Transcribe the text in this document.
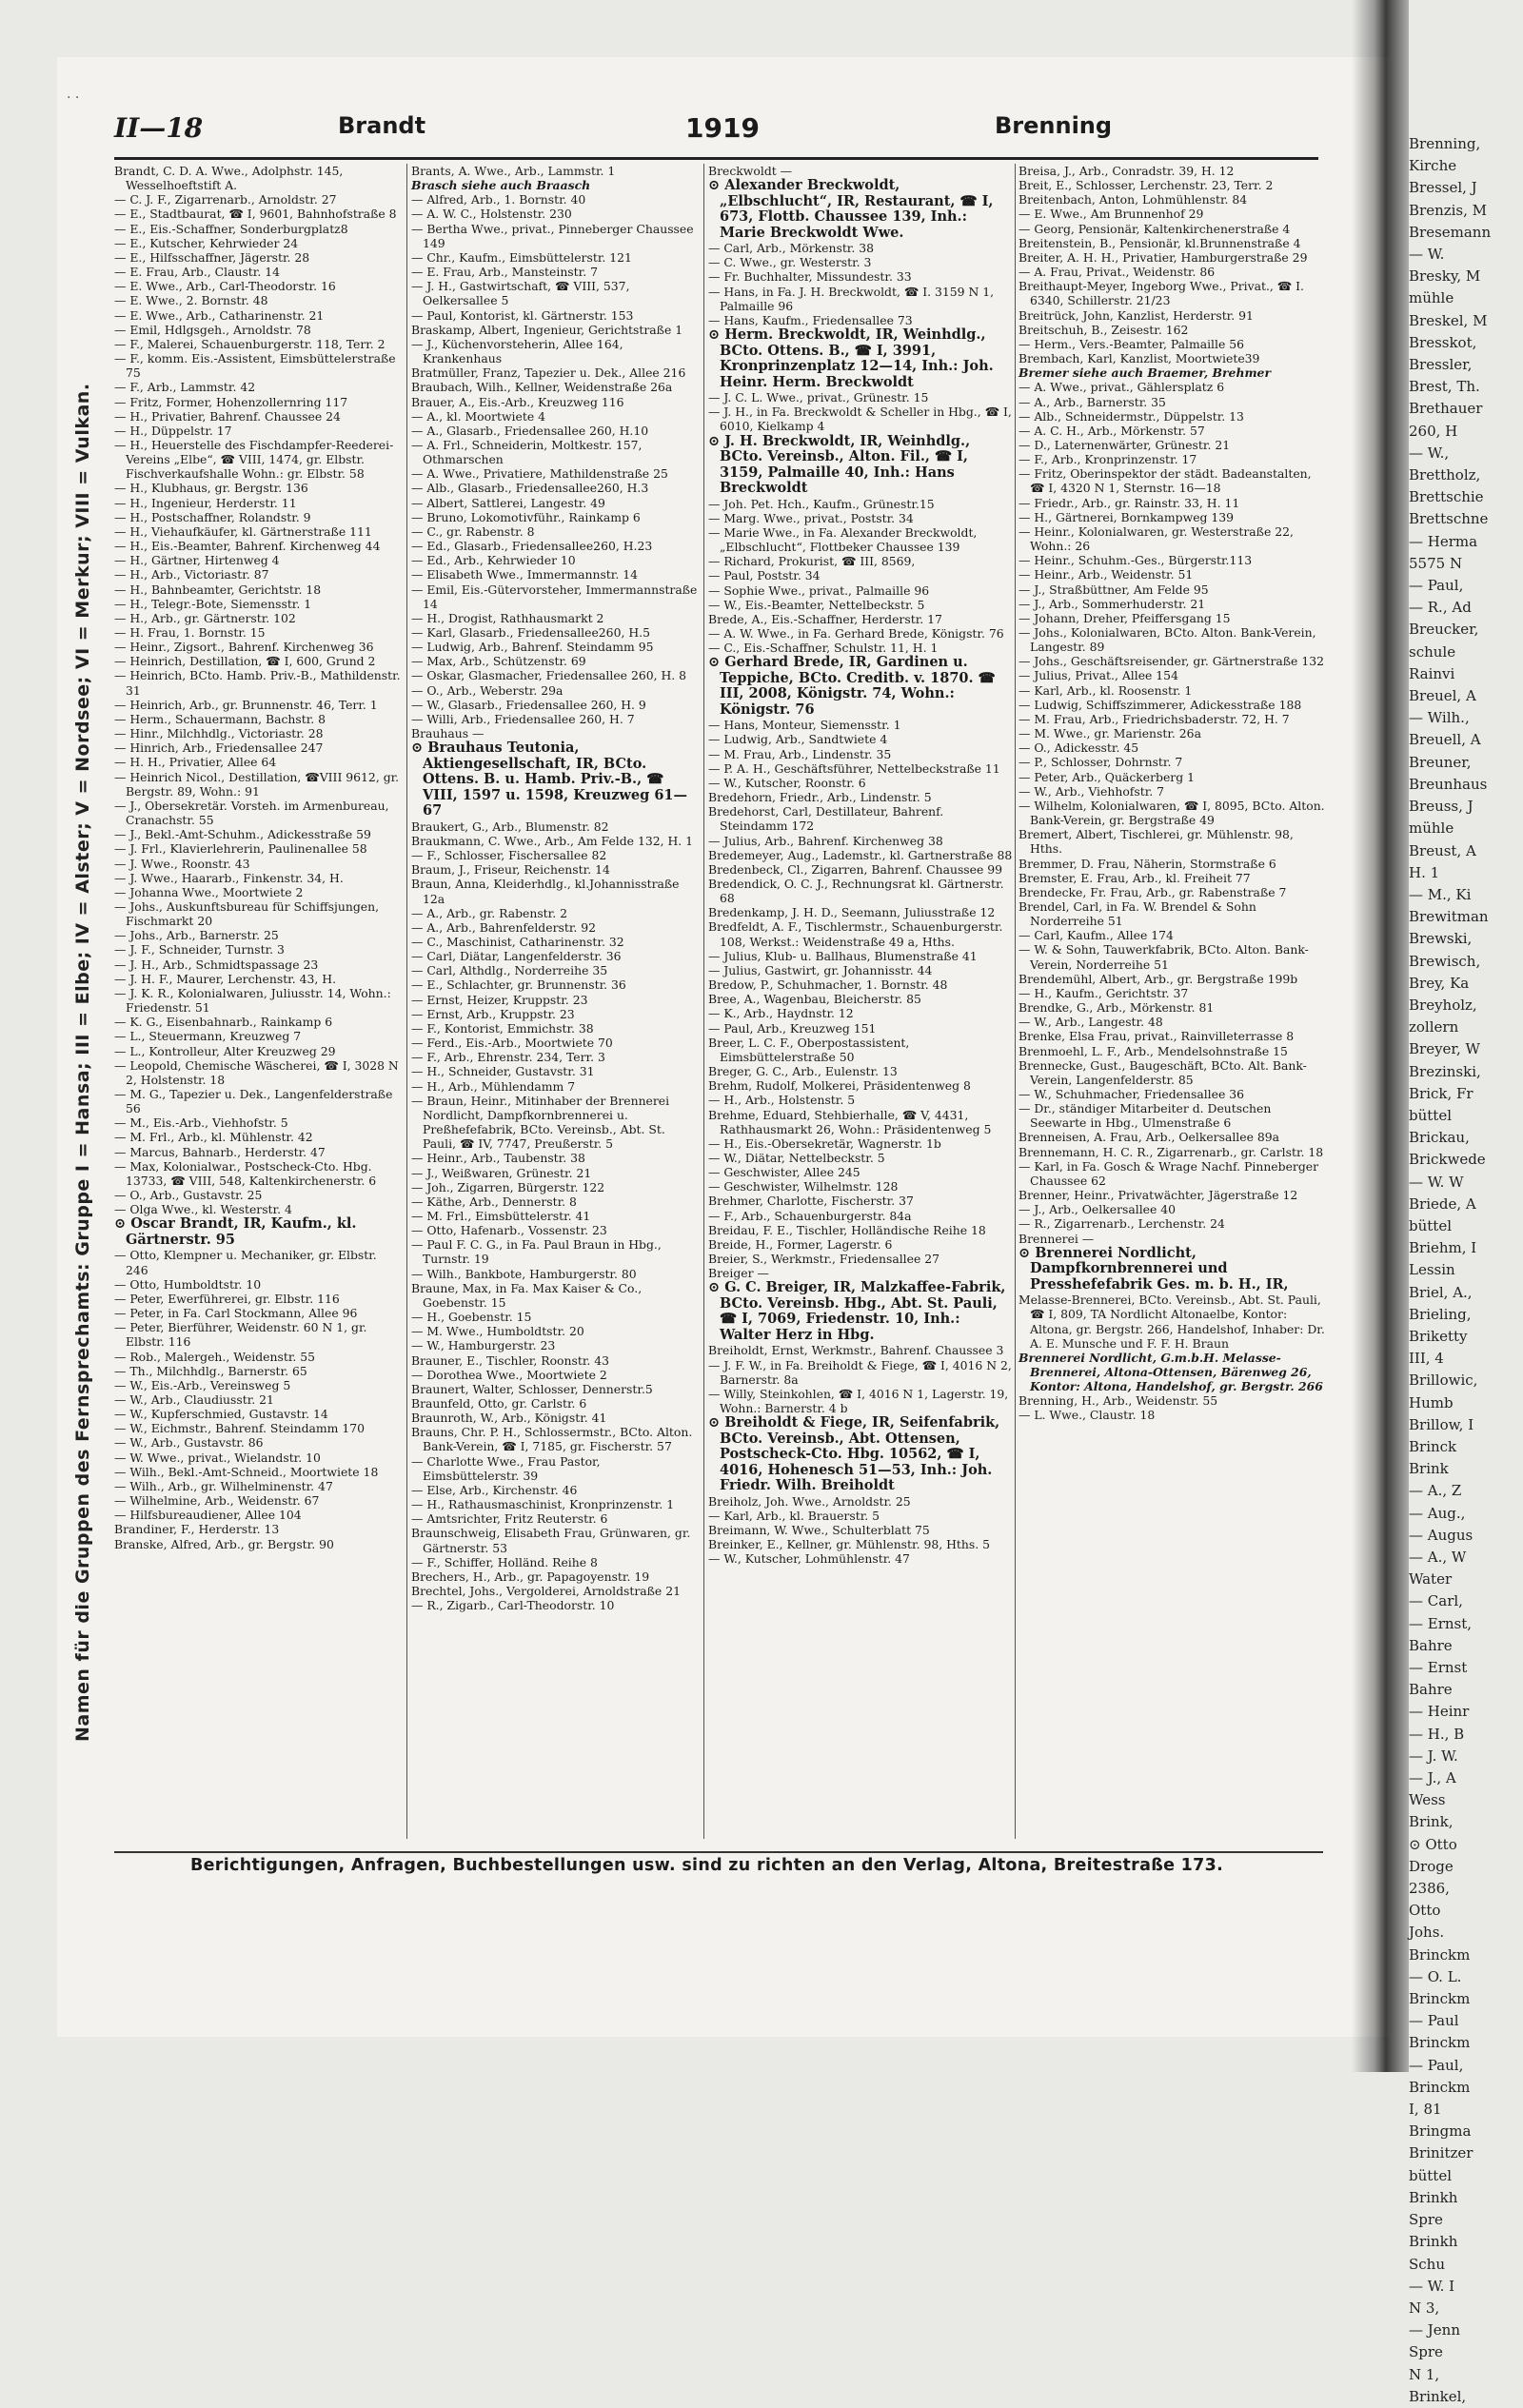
· ·
II—18	Brandt	1919	Brenning
Namen für die Gruppen des Fernsprechamts: Gruppe I = Hansa; III = Elbe; IV = Alster; V = Nordsee; VI = Merkur; VIII = Vulkan.
Brandt, C. D. A. Wwe., Adolphstr. 145, Wesselhoeftstift A.
— C. J. F., Zigarrenarb., Arnoldstr. 27
— E., Stadtbaurat, ☎ I, 9601, Bahnhofstraße 8
— E., Eis.-Schaffner, Sonderburgplatz8
— E., Kutscher, Kehrwieder 24
— E., Hilfsschaffner, Jägerstr. 28
— E. Frau, Arb., Claustr. 14
— E. Wwe., Arb., Carl-Theodorstr. 16
— E. Wwe., 2. Bornstr. 48
— E. Wwe., Arb., Catharinenstr. 21
— Emil, Hdlgsgeh., Arnoldstr. 78
— F., Malerei, Schauenburgerstr. 118, Terr. 2
— F., komm. Eis.-Assistent, Eimsbüttelerstraße 75
— F., Arb., Lammstr. 42
— Fritz, Former, Hohenzollernring 117
— H., Privatier, Bahrenf. Chaussee 24
— H., Düppelstr. 17
— H., Heuerstelle des Fischdampfer-Reederei-Vereins „Elbe“, ☎ VIII, 1474, gr. Elbstr. Fischverkaufshalle Wohn.: gr. Elbstr. 58
— H., Klubhaus, gr. Bergstr. 136
— H., Ingenieur, Herderstr. 11
— H., Postschaffner, Rolandstr. 9
— H., Viehaufkäufer, kl. Gärtnerstraße 111
— H., Eis.-Beamter, Bahrenf. Kirchenweg 44
— H., Gärtner, Hirtenweg 4
— H., Arb., Victoriastr. 87
— H., Bahnbeamter, Gerichtstr. 18
— H., Telegr.-Bote, Siemensstr. 1
— H., Arb., gr. Gärtnerstr. 102
— H. Frau, 1. Bornstr. 15
— Heinr., Zigsort., Bahrenf. Kirchenweg 36
— Heinrich, Destillation, ☎ I, 600, Grund 2
— Heinrich, BCto. Hamb. Priv.-B., Mathildenstr. 31
— Heinrich, Arb., gr. Brunnenstr. 46, Terr. 1
— Herm., Schauermann, Bachstr. 8
— Hinr., Milchhdlg., Victoriastr. 28
— Hinrich, Arb., Friedensallee 247
— H. H., Privatier, Allee 64
— Heinrich Nicol., Destillation, ☎VIII 9612, gr. Bergstr. 89, Wohn.: 91
— J., Obersekretär. Vorsteh. im Armenbureau, Cranachstr. 55
— J., Bekl.-Amt-Schuhm., Adickesstraße 59
— J. Frl., Klavierlehrerin, Paulinenallee 58
— J. Wwe., Roonstr. 43
— J. Wwe., Haararb., Finkenstr. 34, H.
— Johanna Wwe., Moortwiete 2
— Johs., Auskunftsbureau für Schiffsjungen, Fischmarkt 20
— Johs., Arb., Barnerstr. 25
— J. F., Schneider, Turnstr. 3
— J. H., Arb., Schmidtspassage 23
— J. H. F., Maurer, Lerchenstr. 43, H.
— J. K. R., Kolonialwaren, Juliusstr. 14, Wohn.: Friedenstr. 51
— K. G., Eisenbahnarb., Rainkamp 6
— L., Steuermann, Kreuzweg 7
— L., Kontrolleur, Alter Kreuzweg 29
— Leopold, Chemische Wäscherei, ☎ I, 3028 N 2, Holstenstr. 18
— M. G., Tapezier u. Dek., Langenfelderstraße 56
— M., Eis.-Arb., Viehhofstr. 5
— M. Frl., Arb., kl. Mühlenstr. 42
— Marcus, Bahnarb., Herderstr. 47
— Max, Kolonialwar., Postscheck-Cto. Hbg. 13733, ☎ VIII, 548, Kaltenkirchenerstr. 6
— O., Arb., Gustavstr. 25
— Olga Wwe., kl. Westerstr. 4
⊙ Oscar Brandt, IR, Kaufm., kl. Gärtnerstr. 95
— Otto, Klempner u. Mechaniker, gr. Elbstr. 246
— Otto, Humboldtstr. 10
— Peter, Ewerführerei, gr. Elbstr. 116
— Peter, in Fa. Carl Stockmann, Allee 96
— Peter, Bierführer, Weidenstr. 60 N 1, gr. Elbstr. 116
— Rob., Malergeh., Weidenstr. 55
— Th., Milchhdlg., Barnerstr. 65
— W., Eis.-Arb., Vereinsweg 5
— W., Arb., Claudiusstr. 21
— W., Kupferschmied, Gustavstr. 14
— W., Eichmstr., Bahrenf. Steindamm 170
— W., Arb., Gustavstr. 86
— W. Wwe., privat., Wielandstr. 10
— Wilh., Bekl.-Amt-Schneid., Moortwiete 18
— Wilh., Arb., gr. Wilhelminenstr. 47
— Wilhelmine, Arb., Weidenstr. 67
— Hilfsbureaudiener, Allee 104
Brandiner, F., Herderstr. 13
Branske, Alfred, Arb., gr. Bergstr. 90
Brants, A. Wwe., Arb., Lammstr. 1
Brasch siehe auch Braasch
— Alfred, Arb., 1. Bornstr. 40
— A. W. C., Holstenstr. 230
— Bertha Wwe., privat., Pinneberger Chaussee 149
— Chr., Kaufm., Eimsbüttelerstr. 121
— E. Frau, Arb., Mansteinstr. 7
— J. H., Gastwirtschaft, ☎ VIII, 537, Oelkersallee 5
— Paul, Kontorist, kl. Gärtnerstr. 153
Braskamp, Albert, Ingenieur, Gerichtstraße 1
— J., Küchenvorsteherin, Allee 164, Krankenhaus
Bratmüller, Franz, Tapezier u. Dek., Allee 216
Braubach, Wilh., Kellner, Weidenstraße 26a
Brauer, A., Eis.-Arb., Kreuzweg 116
— A., kl. Moortwiete 4
— A., Glasarb., Friedensallee 260, H.10
— A. Frl., Schneiderin, Moltkestr. 157, Othmarschen
— A. Wwe., Privatiere, Mathildenstraße 25
— Alb., Glasarb., Friedensallee260, H.3
— Albert, Sattlerei, Langestr. 49
— Bruno, Lokomotivführ., Rainkamp 6
— C., gr. Rabenstr. 8
— Ed., Glasarb., Friedensallee260, H.23
— Ed., Arb., Kehrwieder 10
— Elisabeth Wwe., Immermannstr. 14
— Emil, Eis.-Gütervorsteher, Immermannstraße 14
— H., Drogist, Rathhausmarkt 2
— Karl, Glasarb., Friedensallee260, H.5
— Ludwig, Arb., Bahrenf. Steindamm 95
— Max, Arb., Schützenstr. 69
— Oskar, Glasmacher, Friedensallee 260, H. 8
— O., Arb., Weberstr. 29a
— W., Glasarb., Friedensallee 260, H. 9
— Willi, Arb., Friedensallee 260, H. 7
Brauhaus —
⊙ Brauhaus Teutonia, Aktiengesellschaft, IR, BCto. Ottens. B. u. Hamb. Priv.-B., ☎ VIII, 1597 u. 1598, Kreuzweg 61—67
Braukert, G., Arb., Blumenstr. 82
Braukmann, C. Wwe., Arb., Am Felde 132, H. 1
— F., Schlosser, Fischersallee 82
Braum, J., Friseur, Reichenstr. 14
Braun, Anna, Kleiderhdlg., kl.Johannisstraße 12a
— A., Arb., gr. Rabenstr. 2
— A., Arb., Bahrenfelderstr. 92
— C., Maschinist, Catharinenstr. 32
— Carl, Diätar, Langenfelderstr. 36
— Carl, Althdlg., Norderreihe 35
— E., Schlachter, gr. Brunnenstr. 36
— Ernst, Heizer, Kruppstr. 23
— Ernst, Arb., Kruppstr. 23
— F., Kontorist, Emmichstr. 38
— Ferd., Eis.-Arb., Moortwiete 70
— F., Arb., Ehrenstr. 234, Terr. 3
— H., Schneider, Gustavstr. 31
— H., Arb., Mühlendamm 7
— Braun, Heinr., Mitinhaber der Brennerei Nordlicht, Dampfkornbrennerei u. Preßhefefabrik, BCto. Vereinsb., Abt. St. Pauli, ☎ IV, 7747, Preußerstr. 5
— Heinr., Arb., Taubenstr. 38
— J., Weißwaren, Grünestr. 21
— Joh., Zigarren, Bürgerstr. 122
— Käthe, Arb., Dennerstr. 8
— M. Frl., Eimsbüttelerstr. 41
— Otto, Hafenarb., Vossenstr. 23
— Paul F. C. G., in Fa. Paul Braun in Hbg., Turnstr. 19
— Wilh., Bankbote, Hamburgerstr. 80
Braune, Max, in Fa. Max Kaiser & Co., Goebenstr. 15
— H., Goebenstr. 15
— M. Wwe., Humboldtstr. 20
— W., Hamburgerstr. 23
Brauner, E., Tischler, Roonstr. 43
— Dorothea Wwe., Moortwiete 2
Braunert, Walter, Schlosser, Dennerstr.5
Braunfeld, Otto, gr. Carlstr. 6
Braunroth, W., Arb., Königstr. 41
Brauns, Chr. P. H., Schlossermstr., BCto. Alton. Bank-Verein, ☎ I, 7185, gr. Fischerstr. 57
— Charlotte Wwe., Frau Pastor, Eimsbüttelerstr. 39
— Else, Arb., Kirchenstr. 46
— H., Rathausmaschinist, Kronprinzenstr. 1
— Amtsrichter, Fritz Reuterstr. 6
Braunschweig, Elisabeth Frau, Grünwaren, gr. Gärtnerstr. 53
— F., Schiffer, Holländ. Reihe 8
Brechers, H., Arb., gr. Papagoyenstr. 19
Brechtel, Johs., Vergolderei, Arnoldstraße 21
— R., Zigarb., Carl-Theodorstr. 10
Breckwoldt —
⊙ Alexander Breckwoldt, „Elbschlucht“, IR, Restaurant, ☎ I, 673, Flottb. Chaussee 139, Inh.: Marie Breckwoldt Wwe.
— Carl, Arb., Mörkenstr. 38
— C. Wwe., gr. Westerstr. 3
— Fr. Buchhalter, Missundestr. 33
— Hans, in Fa. J. H. Breckwoldt, ☎ I. 3159 N 1, Palmaille 96
— Hans, Kaufm., Friedensallee 73
⊙ Herm. Breckwoldt, IR, Weinhdlg., BCto. Ottens. B., ☎ I, 3991, Kronprinzenplatz 12—14, Inh.: Joh. Heinr. Herm. Breckwoldt
— J. C. L. Wwe., privat., Grünestr. 15
— J. H., in Fa. Breckwoldt & Scheller in Hbg., ☎ I, 6010, Kielkamp 4
⊙ J. H. Breckwoldt, IR, Weinhdlg., BCto. Vereinsb., Alton. Fil., ☎ I, 3159, Palmaille 40, Inh.: Hans Breckwoldt
— Joh. Pet. Hch., Kaufm., Grünestr.15
— Marg. Wwe., privat., Poststr. 34
— Marie Wwe., in Fa. Alexander Breckwoldt, „Elbschlucht“, Flottbeker Chaussee 139
— Richard, Prokurist, ☎ III, 8569,
— Paul, Poststr. 34
— Sophie Wwe., privat., Palmaille 96
— W., Eis.-Beamter, Nettelbeckstr. 5
Brede, A., Eis.-Schaffner, Herderstr. 17
— A. W. Wwe., in Fa. Gerhard Brede, Königstr. 76
— C., Eis.-Schaffner, Schulstr. 11, H. 1
⊙ Gerhard Brede, IR, Gardinen u. Teppiche, BCto. Creditb. v. 1870. ☎ III, 2008, Königstr. 74, Wohn.: Königstr. 76
— Hans, Monteur, Siemensstr. 1
— Ludwig, Arb., Sandtwiete 4
— M. Frau, Arb., Lindenstr. 35
— P. A. H., Geschäftsführer, Nettelbeckstraße 11
— W., Kutscher, Roonstr. 6
Bredehorn, Friedr., Arb., Lindenstr. 5
Bredehorst, Carl, Destillateur, Bahrenf. Steindamm 172
— Julius, Arb., Bahrenf. Kirchenweg 38
Bredemeyer, Aug., Lademstr., kl. Gartnerstraße 88
Bredenbeck, Cl., Zigarren, Bahrenf. Chaussee 99
Bredendick, O. C. J., Rechnungsrat kl. Gärtnerstr. 68
Bredenkamp, J. H. D., Seemann, Juliusstraße 12
Bredfeldt, A. F., Tischlermstr., Schauenburgerstr. 108, Werkst.: Weidenstraße 49 a, Hths.
— Julius, Klub- u. Ballhaus, Blumenstraße 41
— Julius, Gastwirt, gr. Johannisstr. 44
Bredow, P., Schuhmacher, 1. Bornstr. 48
Bree, A., Wagenbau, Bleicherstr. 85
— K., Arb., Haydnstr. 12
— Paul, Arb., Kreuzweg 151
Breer, L. C. F., Oberpostassistent, Eimsbüttelerstraße 50
Breger, G. C., Arb., Eulenstr. 13
Brehm, Rudolf, Molkerei, Präsidentenweg 8
— H., Arb., Holstenstr. 5
Brehme, Eduard, Stehbierhalle, ☎ V, 4431, Rathhausmarkt 26, Wohn.: Präsidentenweg 5
— H., Eis.-Obersekretär, Wagnerstr. 1b
— W., Diätar, Nettelbeckstr. 5
— Geschwister, Allee 245
— Geschwister, Wilhelmstr. 128
Brehmer, Charlotte, Fischerstr. 37
— F., Arb., Schauenburgerstr. 84a
Breidau, F. E., Tischler, Holländische Reihe 18
Breide, H., Former, Lagerstr. 6
Breier, S., Werkmstr., Friedensallee 27
Breiger —
⊙ G. C. Breiger, IR, Malzkaffee-Fabrik, BCto. Vereinsb. Hbg., Abt. St. Pauli, ☎ I, 7069, Friedenstr. 10, Inh.: Walter Herz in Hbg.
Breiholdt, Ernst, Werkmstr., Bahrenf. Chaussee 3
— J. F. W., in Fa. Breiholdt & Fiege, ☎ I, 4016 N 2, Barnerstr. 8a
— Willy, Steinkohlen, ☎ I, 4016 N 1, Lagerstr. 19, Wohn.: Barnerstr. 4 b
⊙ Breiholdt & Fiege, IR, Seifenfabrik, BCto. Vereinsb., Abt. Ottensen, Postscheck-Cto. Hbg. 10562, ☎ I, 4016, Hohenesch 51—53, Inh.: Joh. Friedr. Wilh. Breiholdt
Breiholz, Joh. Wwe., Arnoldstr. 25
— Karl, Arb., kl. Brauerstr. 5
Breimann, W. Wwe., Schulterblatt 75
Breinker, E., Kellner, gr. Mühlenstr. 98, Hths. 5
— W., Kutscher, Lohmühlenstr. 47
Breisa, J., Arb., Conradstr. 39, H. 12
Breit, E., Schlosser, Lerchenstr. 23, Terr. 2
Breitenbach, Anton, Lohmühlenstr. 84
— E. Wwe., Am Brunnenhof 29
— Georg, Pensionär, Kaltenkirchenerstraße 4
Breitenstein, B., Pensionär, kl.Brunnenstraße 4
Breiter, A. H. H., Privatier, Hamburgerstraße 29
— A. Frau, Privat., Weidenstr. 86
Breithaupt-Meyer, Ingeborg Wwe., Privat., ☎ I. 6340, Schillerstr. 21/23
Breitrück, John, Kanzlist, Herderstr. 91
Breitschuh, B., Zeisestr. 162
— Herm., Vers.-Beamter, Palmaille 56
Brembach, Karl, Kanzlist, Moortwiete39
Bremer siehe auch Braemer, Brehmer
— A. Wwe., privat., Gählersplatz 6
— A., Arb., Barnerstr. 35
— Alb., Schneidermstr., Düppelstr. 13
— A. C. H., Arb., Mörkenstr. 57
— D., Laternenwärter, Grünestr. 21
— F., Arb., Kronprinzenstr. 17
— Fritz, Oberinspektor der städt. Badeanstalten, ☎ I, 4320 N 1, Sternstr. 16—18
— Friedr., Arb., gr. Rainstr. 33, H. 11
— H., Gärtnerei, Bornkampweg 139
— Heinr., Kolonialwaren, gr. Westerstraße 22, Wohn.: 26
— Heinr., Schuhm.-Ges., Bürgerstr.113
— Heinr., Arb., Weidenstr. 51
— J., Straßbüttner, Am Felde 95
— J., Arb., Sommerhuderstr. 21
— Johann, Dreher, Pfeiffersgang 15
— Johs., Kolonialwaren, BCto. Alton. Bank-Verein, Langestr. 89
— Johs., Geschäftsreisender, gr. Gärtnerstraße 132
— Julius, Privat., Allee 154
— Karl, Arb., kl. Roosenstr. 1
— Ludwig, Schiffszimmerer, Adickesstraße 188
— M. Frau, Arb., Friedrichsbaderstr. 72, H. 7
— M. Wwe., gr. Marienstr. 26a
— O., Adickesstr. 45
— P., Schlosser, Dohrnstr. 7
— Peter, Arb., Quäckerberg 1
— W., Arb., Viehhofstr. 7
— Wilhelm, Kolonialwaren, ☎ I, 8095, BCto. Alton. Bank-Verein, gr. Bergstraße 49
Bremert, Albert, Tischlerei, gr. Mühlenstr. 98, Hths.
Bremmer, D. Frau, Näherin, Stormstraße 6
Bremster, E. Frau, Arb., kl. Freiheit 77
Brendecke, Fr. Frau, Arb., gr. Rabenstraße 7
Brendel, Carl, in Fa. W. Brendel & Sohn Norderreihe 51
— Carl, Kaufm., Allee 174
— W. & Sohn, Tauwerkfabrik, BCto. Alton. Bank-Verein, Norderreihe 51
Brendemühl, Albert, Arb., gr. Bergstraße 199b
— H., Kaufm., Gerichtstr. 37
Brendke, G., Arb., Mörkenstr. 81
— W., Arb., Langestr. 48
Brenke, Elsa Frau, privat., Rainvilleterrasse 8
Brenmoehl, L. F., Arb., Mendelsohnstraße 15
Brennecke, Gust., Baugeschäft, BCto. Alt. Bank-Verein, Langenfelderstr. 85
— W., Schuhmacher, Friedensallee 36
— Dr., ständiger Mitarbeiter d. Deutschen Seewarte in Hbg., Ulmenstraße 6
Brenneisen, A. Frau, Arb., Oelkersallee 89a
Brennemann, H. C. R., Zigarrenarb., gr. Carlstr. 18
— Karl, in Fa. Gosch & Wrage Nachf. Pinneberger Chaussee 62
Brenner, Heinr., Privatwächter, Jägerstraße 12
— J., Arb., Oelkersallee 40
— R., Zigarrenarb., Lerchenstr. 24
Brennerei —
⊙ Brennerei Nordlicht, Dampfkornbrennerei und Presshefefabrik Ges. m. b. H., IR,
Melasse-Brennerei, BCto. Vereinsb., Abt. St. Pauli, ☎ I, 809, TA Nordlicht Altonaelbe, Kontor: Altona, gr. Bergstr. 266, Handelshof, Inhaber: Dr. A. E. Munsche und F. F. H. Braun
Brennerei Nordlicht, G.m.b.H. Melasse-Brennerei, Altona-Ottensen, Bärenweg 26, Kontor: Altona, Handelshof, gr. Bergstr. 266
Brenning, H., Arb., Weidenstr. 55
— L. Wwe., Claustr. 18
Berichtigungen, Anfragen, Buchbestellungen usw. sind zu richten an den Verlag, Altona, Breitestraße 173.
Brenning,
Kirche
Bressel, J
Brenzis, M
Bresemann
— W.
Bresky, M
mühle
Breskel, M
Bresskot,
Bressler,
Brest, Th.
Brethauer
260, H
— W.,
Brettholz,
Brettschie
Brettschne
— Herma
5575 N
— Paul,
— R., Ad
Breucker,
schule
Rainvi
Breuel, A
— Wilh.,
Breuell, A
Breuner,
Breunhaus
Breuss, J
mühle
Breust, A
H. 1
— M., Ki
Brewitman
Brewski,
Brewisch,
Brey, Ka
Breyholz,
zollern
Breyer, W
Brezinski,
Brick, Fr
büttel
Brickau,
Brickwede
— W. W
Briede, A
büttel
Briehm, I
Lessin
Briel, A.,
Brieling,
Briketty
III, 4
Brillowic,
Humb
Brillow, I
Brinck
Brink
— A., Z
— Aug.,
— Augus
— A., W
Water
— Carl,
— Ernst,
Bahre
— Ernst
Bahre
— Heinr
— H., B
— J. W.
— J., A
Wess
Brink,
⊙ Otto
Droge
2386,
Otto
Johs.
Brinckm
— O. L.
Brinckm
— Paul
Brinckm
— Paul,
Brinckm
I, 81
Bringma
Brinitzer
büttel
Brinkh
Spre
Brinkh
Schu
— W. I
N 3,
— Jenn
Spre
N 1,
Brinkel,
